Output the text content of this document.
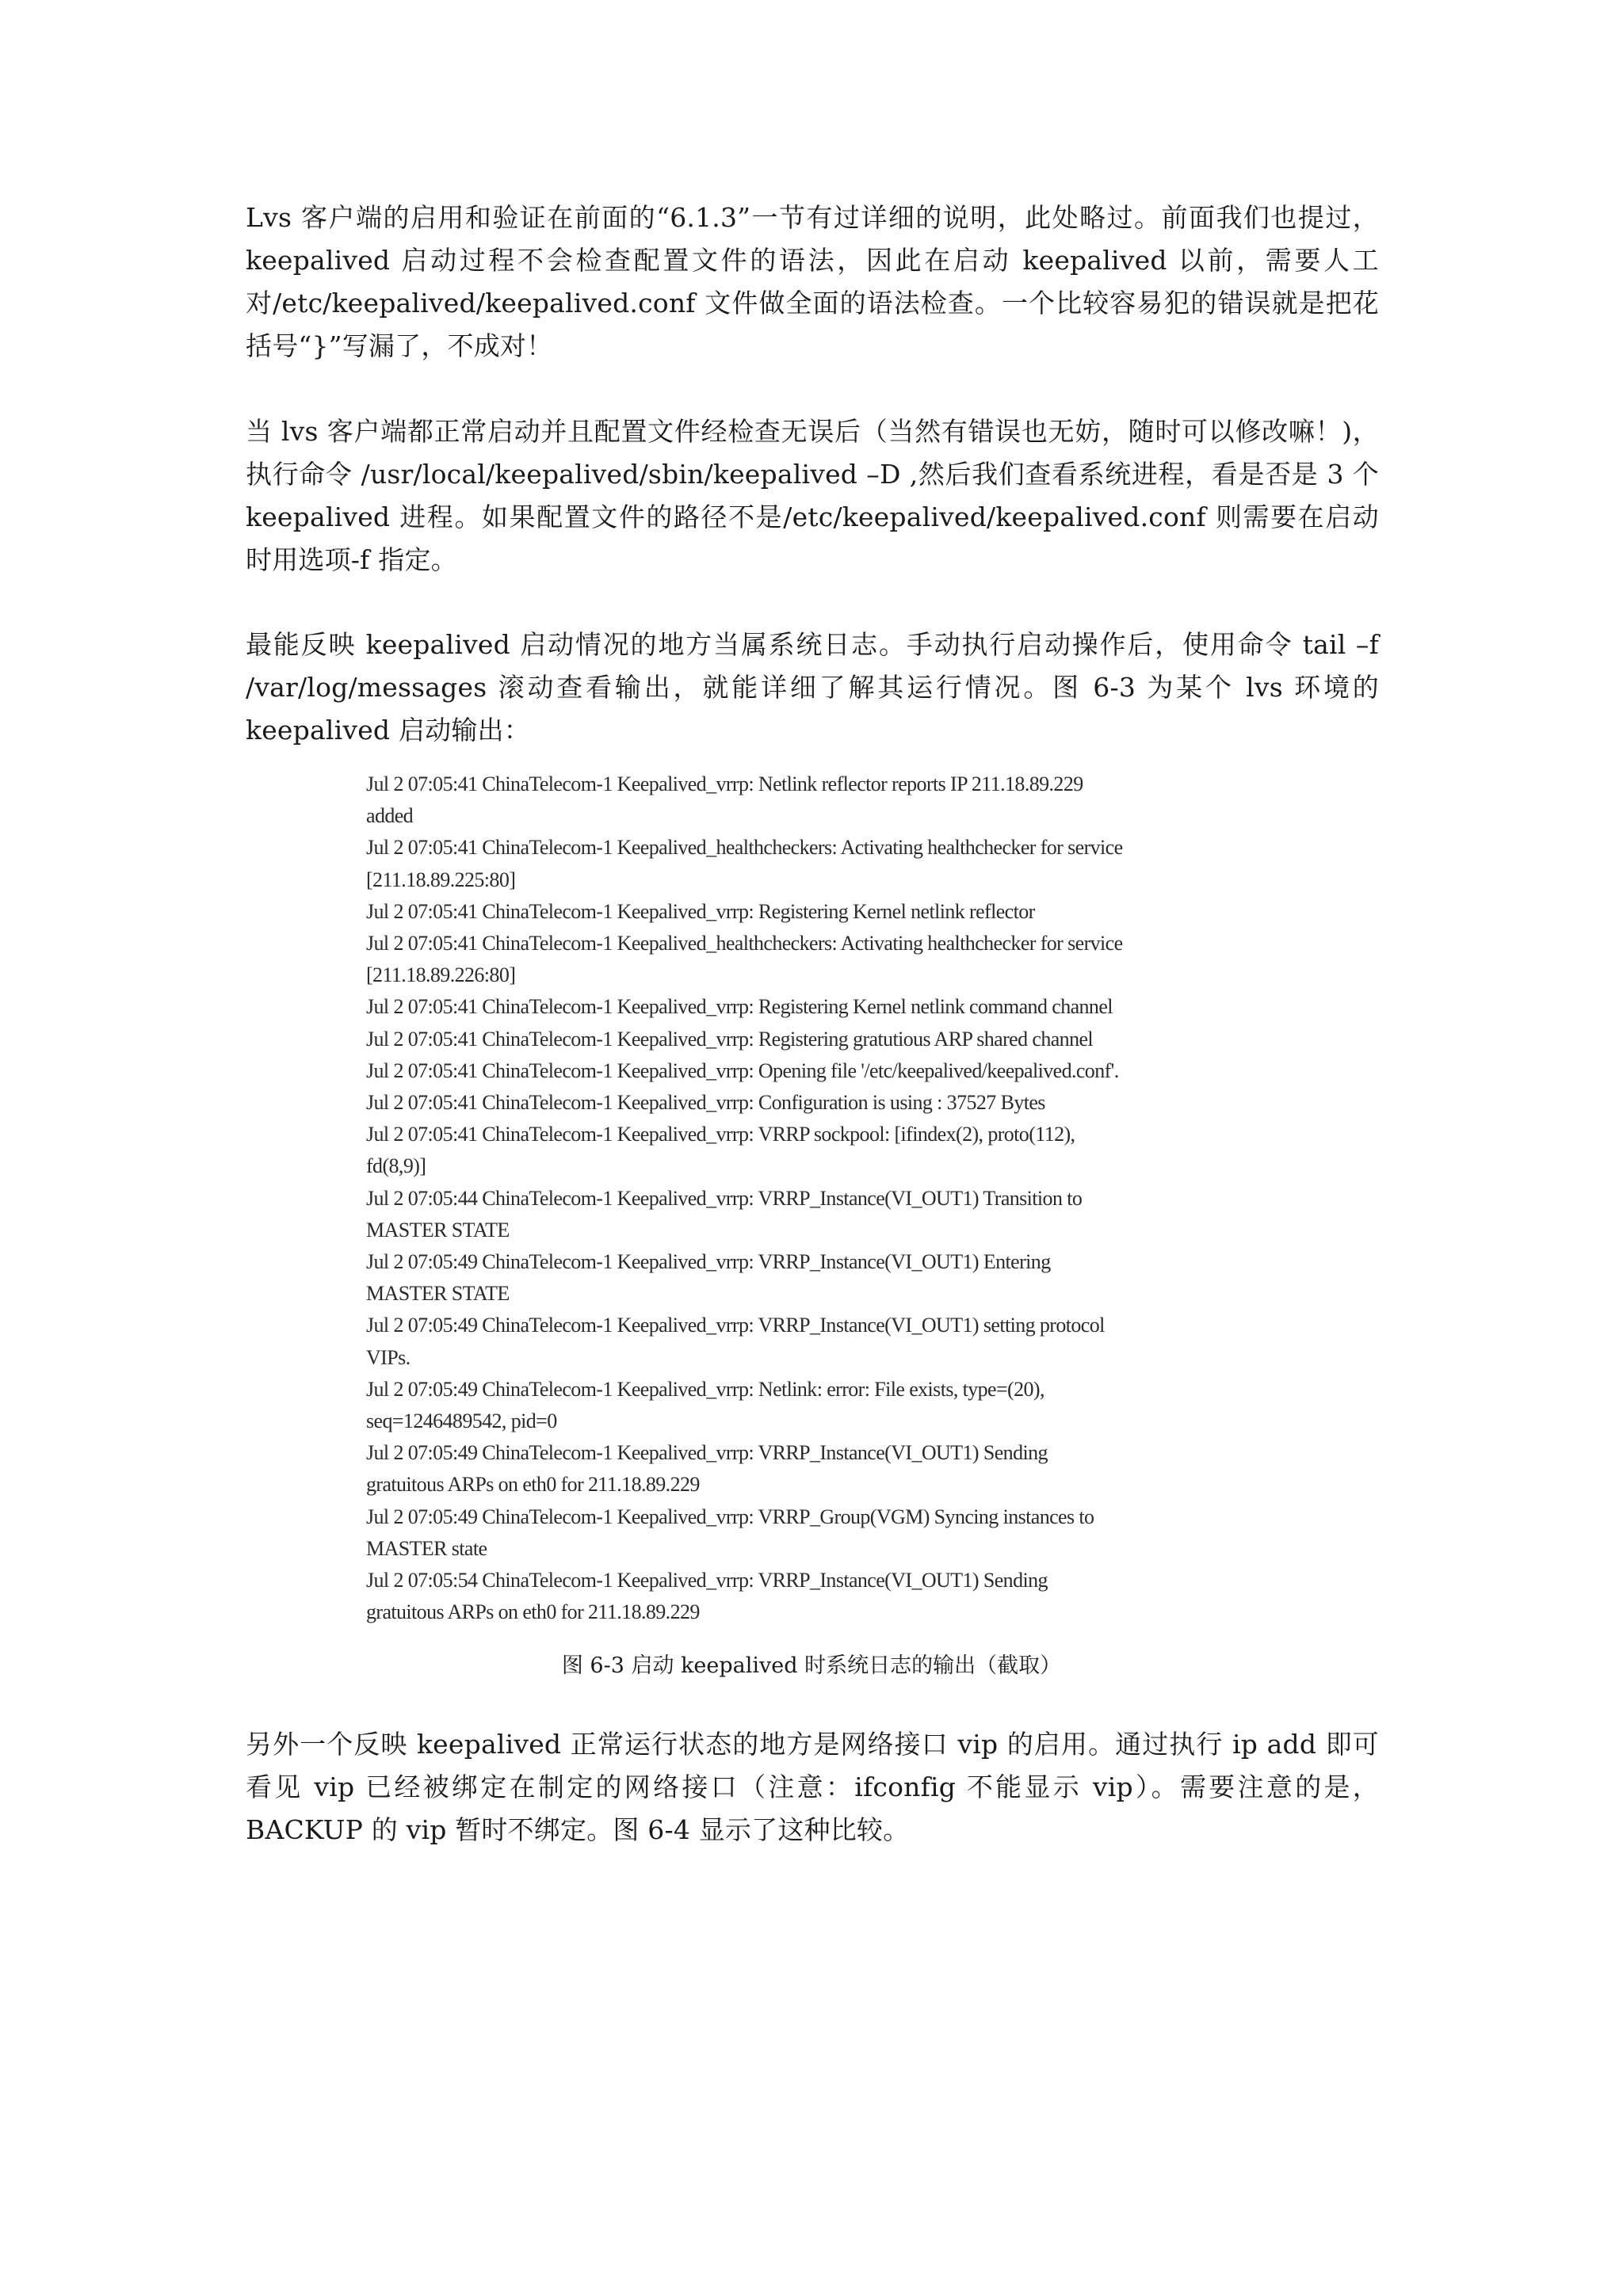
Lvs 客户端的启用和验证在前面的“6.1.3”一节有过详细的说明，此处略过。前面我们也提过，keepalived 启动过程不会检查配置文件的语法，因此在启动 keepalived 以前，需要人工对/etc/keepalived/keepalived.conf 文件做全面的语法检查。一个比较容易犯的错误就是把花括号“}”写漏了，不成对！

当 lvs 客户端都正常启动并且配置文件经检查无误后（当然有错误也无妨，随时可以修改嘛！)，执行命令 /usr/local/keepalived/sbin/keepalived –D ,然后我们查看系统进程，看是否是 3 个 keepalived 进程。如果配置文件的路径不是/etc/keepalived/keepalived.conf 则需要在启动时用选项-f 指定。

最能反映 keepalived 启动情况的地方当属系统日志。手动执行启动操作后，使用命令 tail –f /var/log/messages 滚动查看输出，就能详细了解其运行情况。图 6-3 为某个 lvs 环境的 keepalived 启动输出：

Jul 2 07:05:41 ChinaTelecom-1 Keepalived_vrrp: Netlink reflector reports IP 211.18.89.229
added
Jul 2 07:05:41 ChinaTelecom-1 Keepalived_healthcheckers: Activating healthchecker for service
[211.18.89.225:80]
Jul 2 07:05:41 ChinaTelecom-1 Keepalived_vrrp: Registering Kernel netlink reflector
Jul 2 07:05:41 ChinaTelecom-1 Keepalived_healthcheckers: Activating healthchecker for service
[211.18.89.226:80]
Jul 2 07:05:41 ChinaTelecom-1 Keepalived_vrrp: Registering Kernel netlink command channel
Jul 2 07:05:41 ChinaTelecom-1 Keepalived_vrrp: Registering gratutious ARP shared channel
Jul 2 07:05:41 ChinaTelecom-1 Keepalived_vrrp: Opening file '/etc/keepalived/keepalived.conf'.
Jul 2 07:05:41 ChinaTelecom-1 Keepalived_vrrp: Configuration is using : 37527 Bytes
Jul 2 07:05:41 ChinaTelecom-1 Keepalived_vrrp: VRRP sockpool: [ifindex(2), proto(112),
fd(8,9)]
Jul 2 07:05:44 ChinaTelecom-1 Keepalived_vrrp: VRRP_Instance(VI_OUT1) Transition to
MASTER STATE
Jul 2 07:05:49 ChinaTelecom-1 Keepalived_vrrp: VRRP_Instance(VI_OUT1) Entering
MASTER STATE
Jul 2 07:05:49 ChinaTelecom-1 Keepalived_vrrp: VRRP_Instance(VI_OUT1) setting protocol
VIPs.
Jul 2 07:05:49 ChinaTelecom-1 Keepalived_vrrp: Netlink: error: File exists, type=(20),
seq=1246489542, pid=0
Jul 2 07:05:49 ChinaTelecom-1 Keepalived_vrrp: VRRP_Instance(VI_OUT1) Sending
gratuitous ARPs on eth0 for 211.18.89.229
Jul 2 07:05:49 ChinaTelecom-1 Keepalived_vrrp: VRRP_Group(VGM) Syncing instances to
MASTER state
Jul 2 07:05:54 ChinaTelecom-1 Keepalived_vrrp: VRRP_Instance(VI_OUT1) Sending
gratuitous ARPs on eth0 for 211.18.89.229

图 6-3 启动 keepalived 时系统日志的输出（截取）

另外一个反映 keepalived 正常运行状态的地方是网络接口 vip 的启用。通过执行 ip add 即可看见 vip 已经被绑定在制定的网络接口（注意：ifconfig 不能显示 vip）。需要注意的是，BACKUP 的 vip 暂时不绑定。图 6-4 显示了这种比较。
